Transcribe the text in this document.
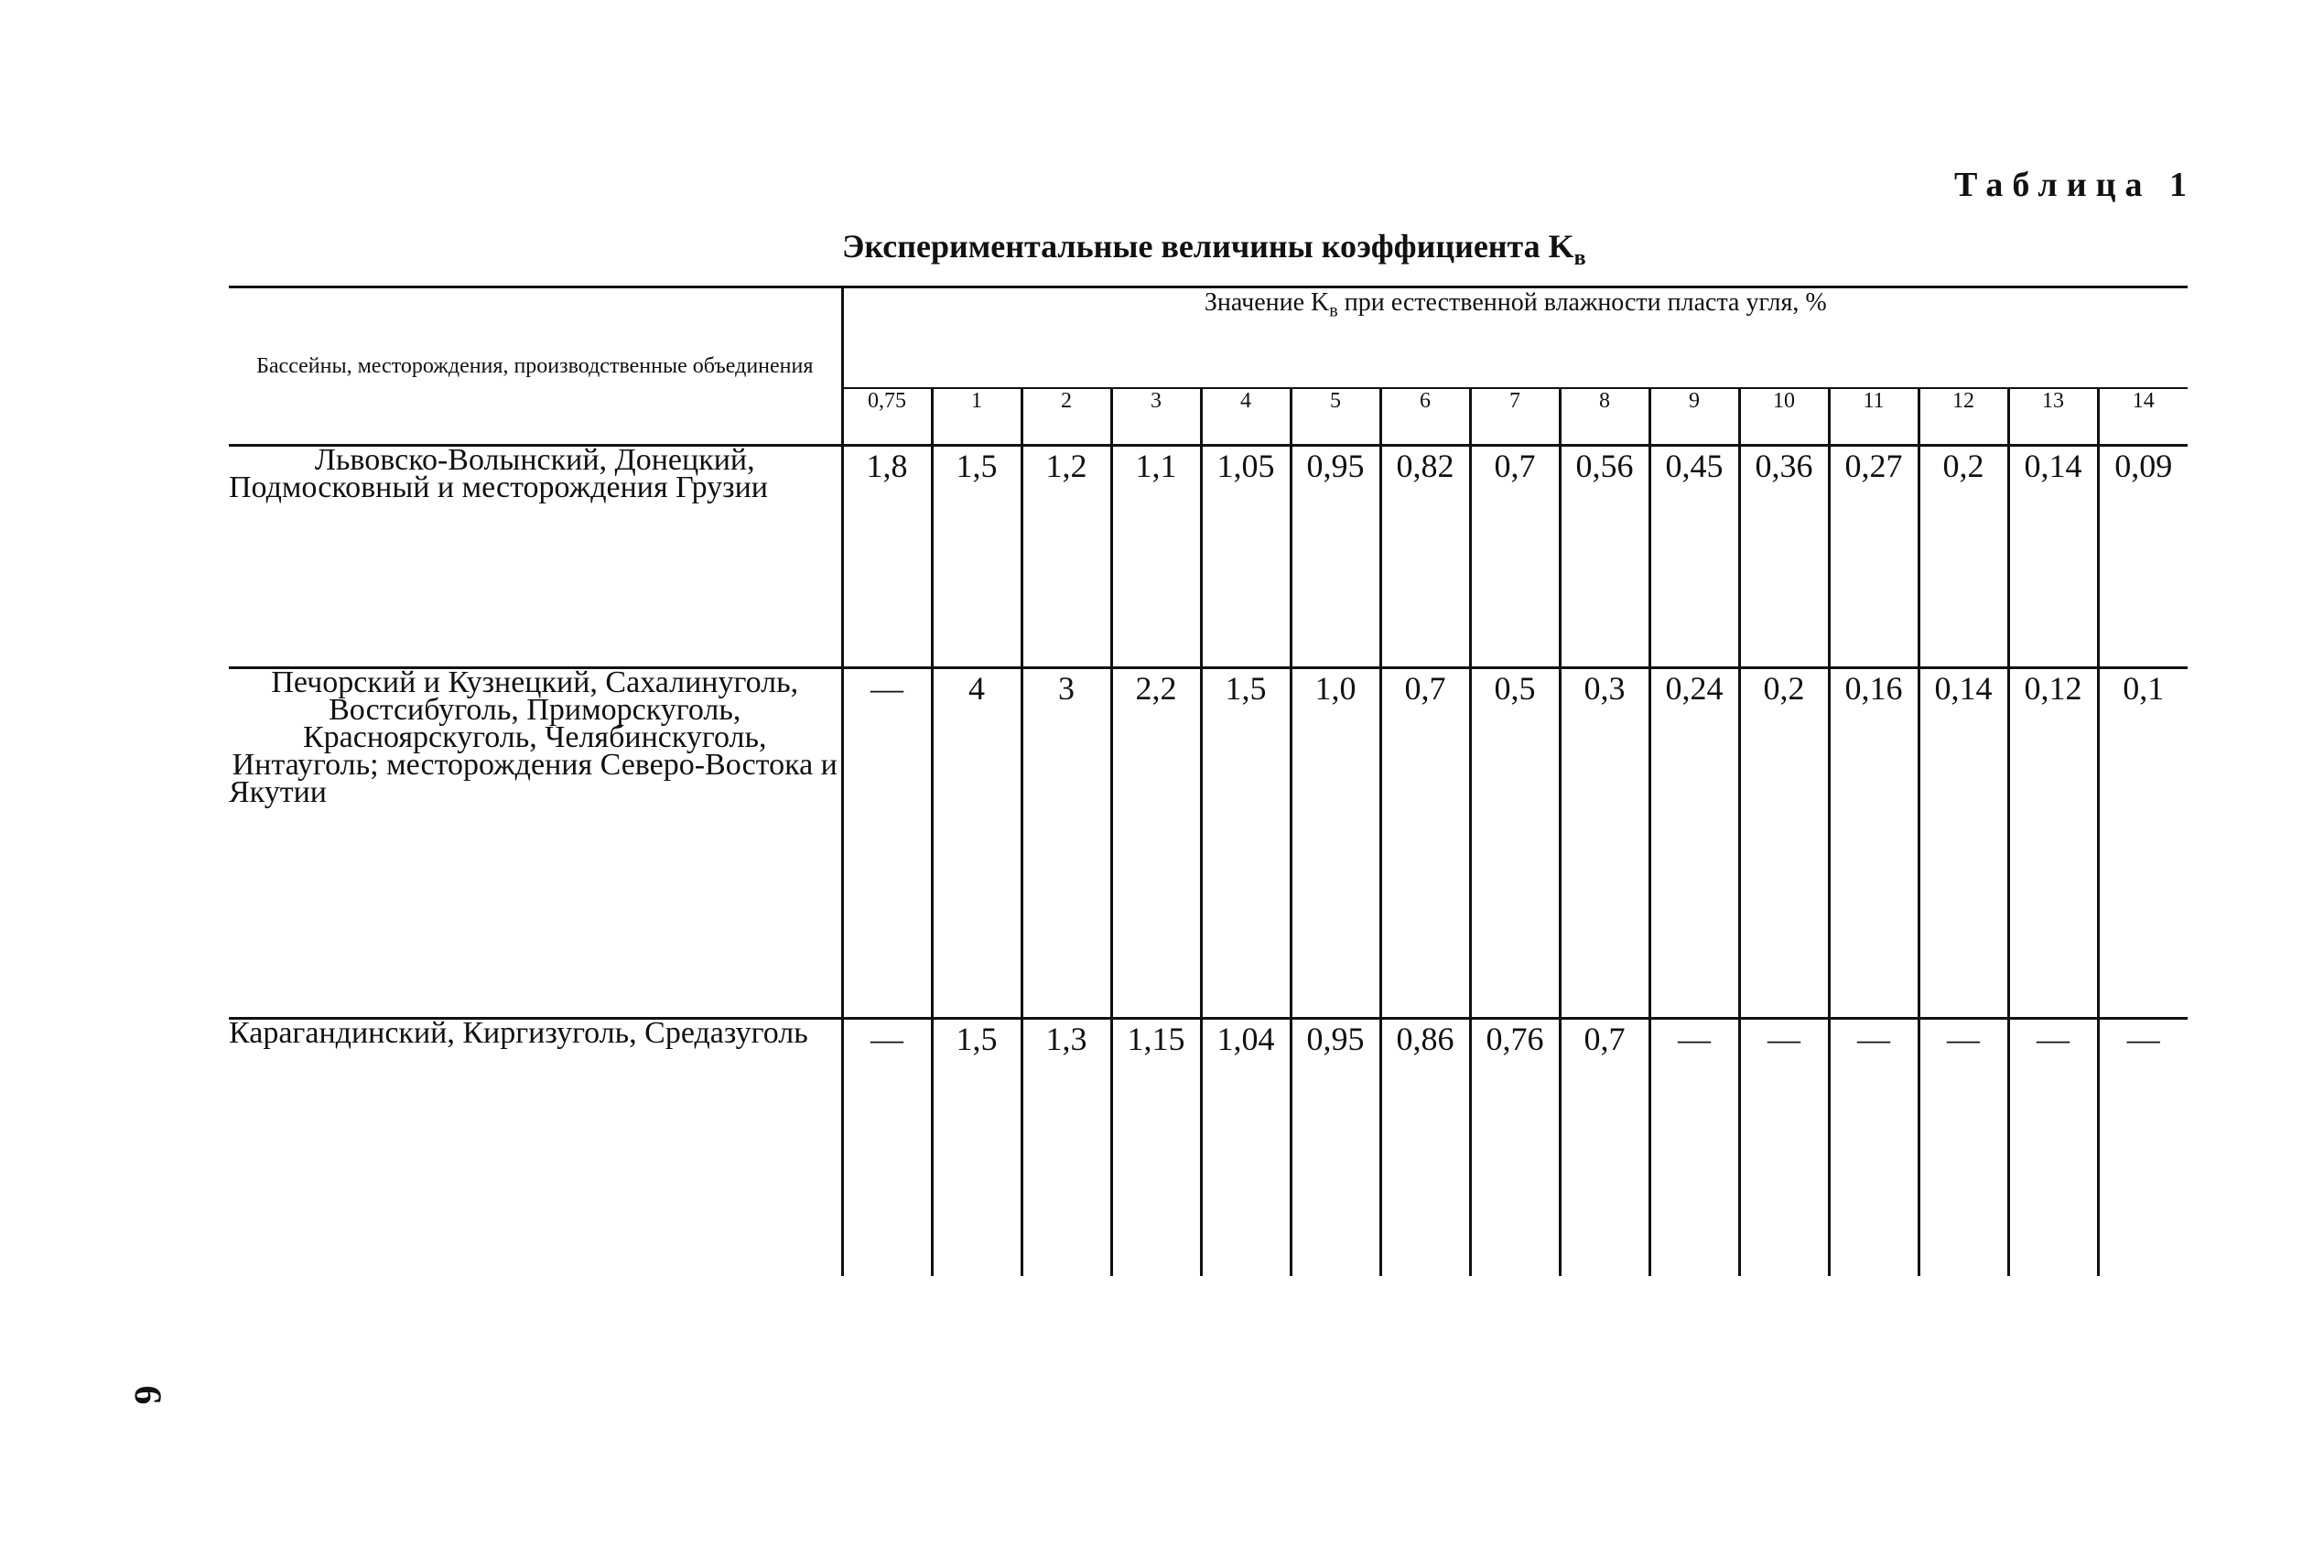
Таблица 1
Экспериментальные величины коэффициента $K_в$
Бассейны, месторождения, производственные объединения	Значение $K_в$ при естественной влажности пласта угля, %														
	0,75	1	2	3	4	5	6	7	8	9	10	11	12	13	14
Львовско-Волынский, Донецкий, Подмосковный и месторождения Грузии	1,8	1,5	1,2	1,1	1,05	0,95	0,82	0,7	0,56	0,45	0,36	0,27	0,2	0,14	0,09
Печорский и Кузнецкий, Сахалинуголь, Востсибуголь, Приморскуголь, Красноярскуголь, Челябинскуголь, Интауголь; месторождения Северо-Востока и Якутии	—	4	3	2,2	1,5	1,0	0,7	0,5	0,3	0,24	0,2	0,16	0,14	0,12	0,1
Карагандинский, Киргизуголь, Средазуголь	—	1,5	1,3	1,15	1,04	0,95	0,86	0,76	0,7	—	—	—	—	—	—
6
